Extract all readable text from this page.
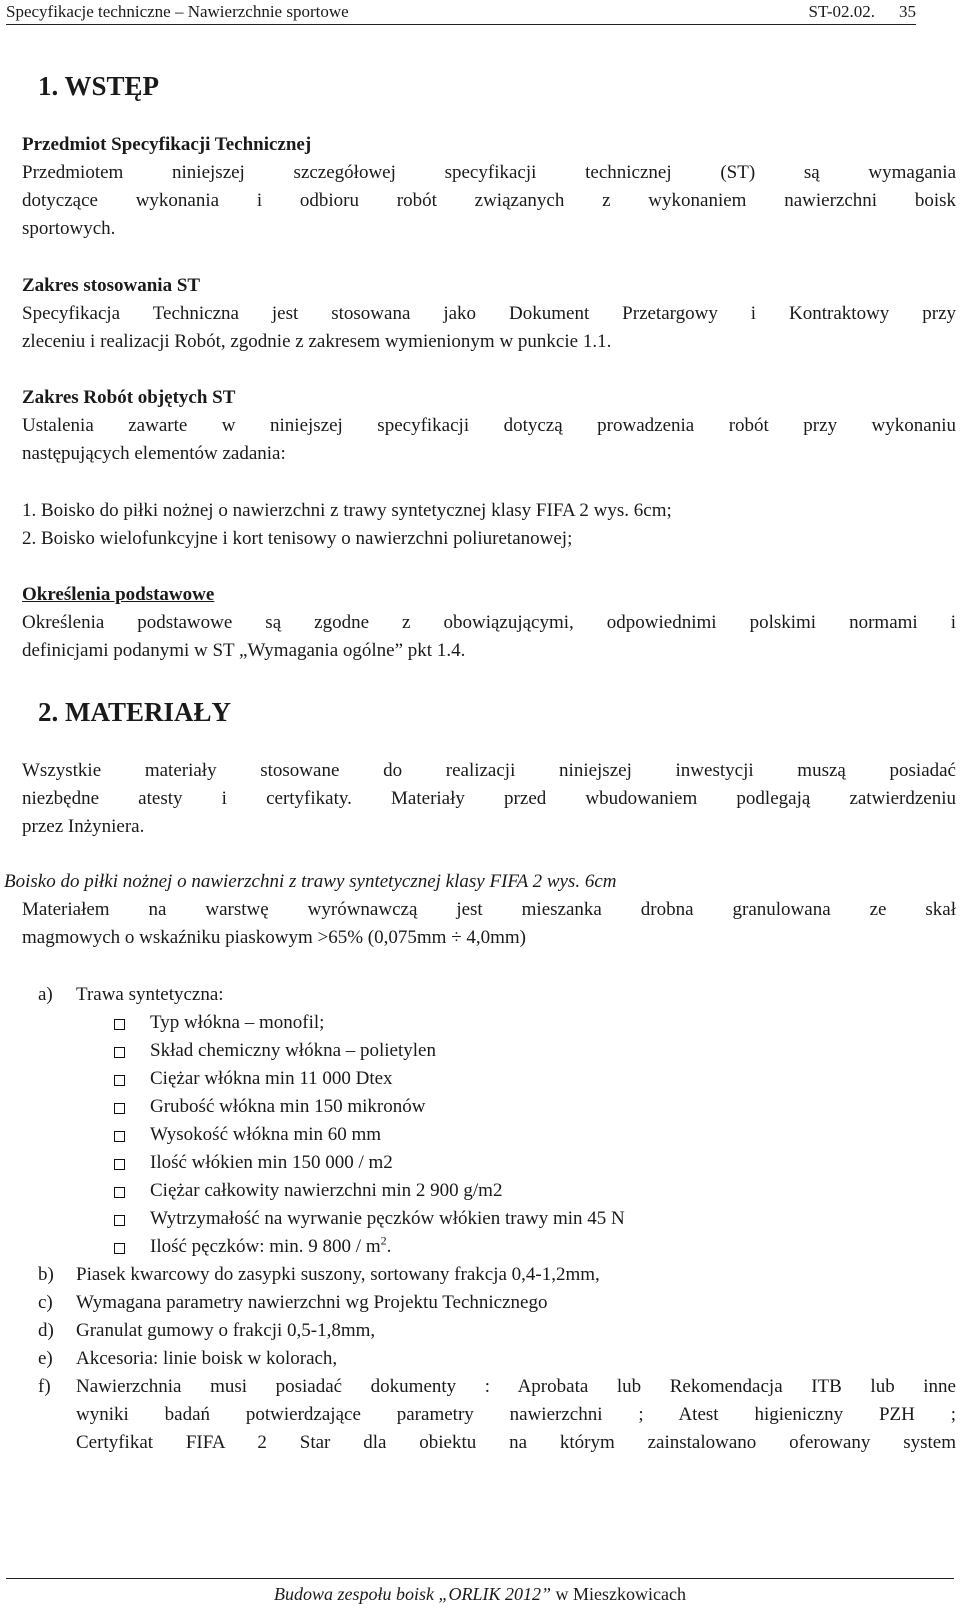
Specyfikacje techniczne – Nawierzchnie sportowe	ST-02.02. 35
1. WSTĘP
Przedmiot Specyfikacji Technicznej
Przedmiotem niniejszej szczegółowej specyfikacji technicznej (ST) są wymagania
dotyczące wykonania i odbioru robót związanych z wykonaniem nawierzchni boisk
sportowych.
Zakres stosowania ST
Specyfikacja Techniczna jest stosowana jako Dokument Przetargowy i Kontraktowy przy
zleceniu i realizacji Robót, zgodnie z zakresem wymienionym w punkcie 1.1.
Zakres Robót objętych ST
Ustalenia zawarte w niniejszej specyfikacji dotyczą prowadzenia robót przy wykonaniu
następujących elementów zadania:
1. Boisko do piłki nożnej o nawierzchni z trawy syntetycznej klasy FIFA 2 wys. 6cm;
2. Boisko wielofunkcyjne i kort tenisowy o nawierzchni poliuretanowej;
Określenia podstawowe
Określenia podstawowe są zgodne z obowiązującymi, odpowiednimi polskimi normami i
definicjami podanymi w ST „Wymagania ogólne” pkt 1.4.
2. MATERIAŁY
Wszystkie materiały stosowane do realizacji niniejszej inwestycji muszą posiadać
niezbędne atesty i certyfikaty. Materiały przed wbudowaniem podlegają zatwierdzeniu
przez Inżyniera.
Boisko do piłki nożnej o nawierzchni z trawy syntetycznej klasy FIFA 2 wys. 6cm
Materiałem na warstwę wyrównawczą jest mieszanka drobna granulowana ze skał
magmowych o wskaźniku piaskowym >65% (0,075mm ÷ 4,0mm)
a) Trawa syntetyczna:
Typ włókna – monofil;
Skład chemiczny włókna – polietylen
Ciężar włókna min 11 000 Dtex
Grubość włókna min 150 mikronów
Wysokość włókna min 60 mm
Ilość włókien min 150 000 / m2
Ciężar całkowity nawierzchni min 2 900 g/m2
Wytrzymałość na wyrwanie pęczków włókien trawy min 45 N
Ilość pęczków: min. 9 $800 / m^2$.
b) Piasek kwarcowy do zasypki suszony, sortowany frakcja 0,4-1,2mm,
c) Wymagana parametry nawierzchni wg Projektu Technicznego
d) Granulat gumowy o frakcji 0,5-1,8mm,
e) Akcesoria: linie boisk w kolorach,
f) Nawierzchnia musi posiadać dokumenty : Aprobata lub Rekomendacja ITB lub inne
wyniki badań potwierdzające parametry nawierzchni ; Atest higieniczny PZH ;
Certyfikat FIFA 2 Star dla obiektu na którym zainstalowano oferowany system
Budowa zespołu boisk „ORLIK 2012” w Mieszkowicach
